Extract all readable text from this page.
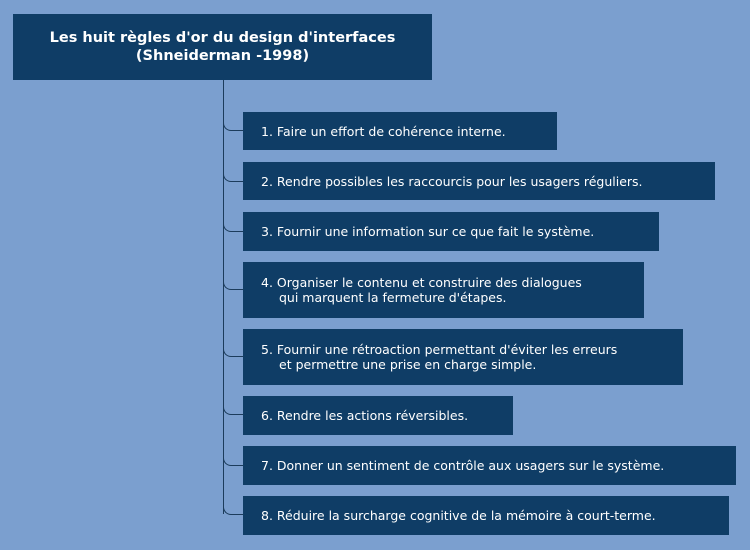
Les huit règles d'or du design d'interfaces
(Shneiderman -1998)
1. Faire un effort de cohérence interne.
2. Rendre possibles les raccourcis pour les usagers réguliers.
3. Fournir une information sur ce que fait le système.
4. Organiser le contenu et construire des dialogues
qui marquent la fermeture d'étapes.
5. Fournir une rétroaction permettant d'éviter les erreurs
et permettre une prise en charge simple.
6. Rendre les actions réversibles.
7. Donner un sentiment de contrôle aux usagers sur le système.
8. Réduire la surcharge cognitive de la mémoire à court-terme.
